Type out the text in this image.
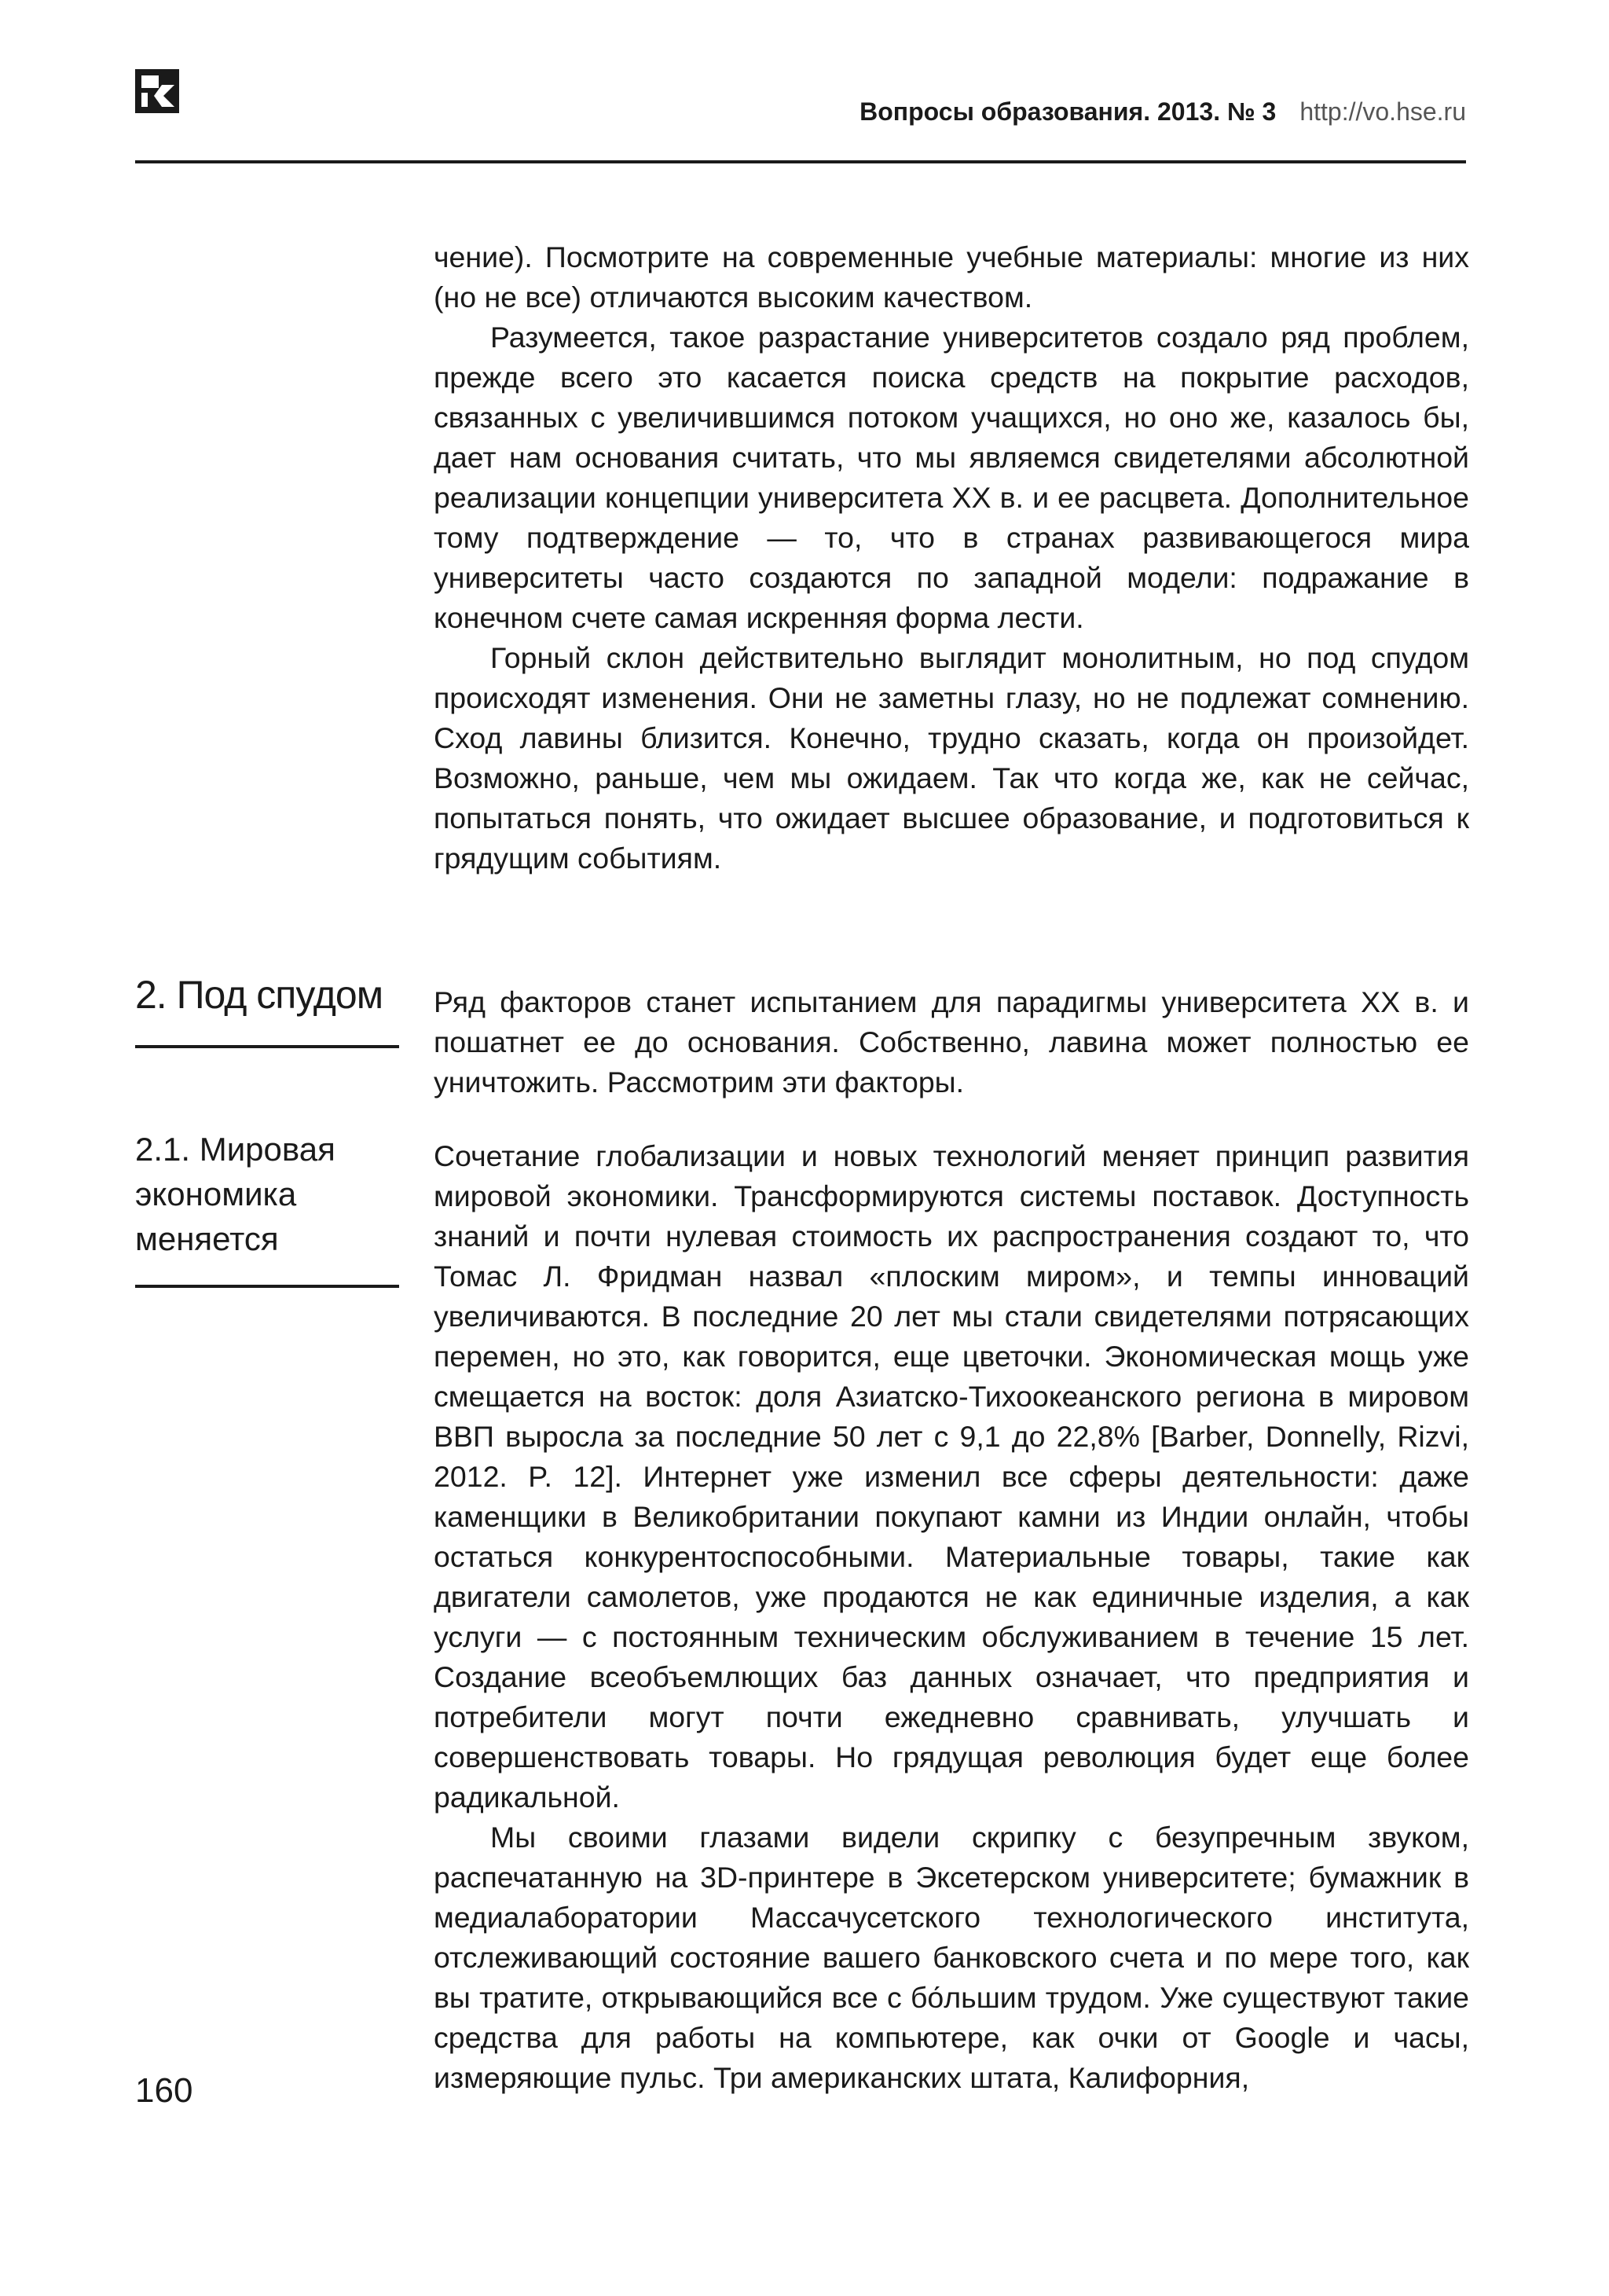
Вопросы образования. 2013. № 3 http://vo.hse.ru

чение). Посмотрите на современные учебные материалы: многие из них (но не все) отличаются высоким качеством.

Разумеется, такое разрастание университетов создало ряд проблем, прежде всего это касается поиска средств на покрытие расходов, связанных с увеличившимся потоком учащихся, но оно же, казалось бы, дает нам основания считать, что мы являемся свидетелями абсолютной реализации концепции университета XX в. и ее расцвета. Дополнительное тому подтверждение — то, что в странах развивающегося мира университеты часто создаются по западной модели: подражание в конечном счете самая искренняя форма лести.

Горный склон действительно выглядит монолитным, но под спудом происходят изменения. Они не заметны глазу, но не подлежат сомнению. Сход лавины близится. Конечно, трудно сказать, когда он произойдет. Возможно, раньше, чем мы ожидаем. Так что когда же, как не сейчас, попытаться понять, что ожидает высшее образование, и подготовиться к грядущим событиям.

2. Под спудом	Ряд факторов станет испытанием для парадигмы университета XX в. и пошатнет ее до основания. Собственно, лавина может полностью ее уничтожить. Рассмотрим эти факторы.

2.1. Мировая экономика меняется

Сочетание глобализации и новых технологий меняет принцип развития мировой экономики. Трансформируются системы поставок. Доступность знаний и почти нулевая стоимость их распространения создают то, что Томас Л. Фридман назвал «плоским миром», и темпы инноваций увеличиваются. В последние 20 лет мы стали свидетелями потрясающих перемен, но это, как говорится, еще цветочки. Экономическая мощь уже смещается на восток: доля Азиатско-Тихоокеанского региона в мировом ВВП выросла за последние 50 лет с 9,1 до 22,8% [Barber, Donnelly, Rizvi, 2012. P. 12]. Интернет уже изменил все сферы деятельности: даже каменщики в Великобритании покупают камни из Индии онлайн, чтобы остаться конкурентоспособными. Материальные товары, такие как двигатели самолетов, уже продаются не как единичные изделия, а как услуги — с постоянным техническим обслуживанием в течение 15 лет. Создание всеобъемлющих баз данных означает, что предприятия и потребители могут почти ежедневно сравнивать, улучшать и совершенствовать товары. Но грядущая революция будет еще более радикальной.

Мы своими глазами видели скрипку с безупречным звуком, распечатанную на 3D-принтере в Эксетерском университете; бумажник в медиалаборатории Массачусетского технологического института, отслеживающий состояние вашего банковского счета и по мере того, как вы тратите, открывающийся все с бо́льшим трудом. Уже существуют такие средства для работы на компьютере, как очки от Google и часы, измеряющие пульс. Три американских штата, Калифорния,

160
